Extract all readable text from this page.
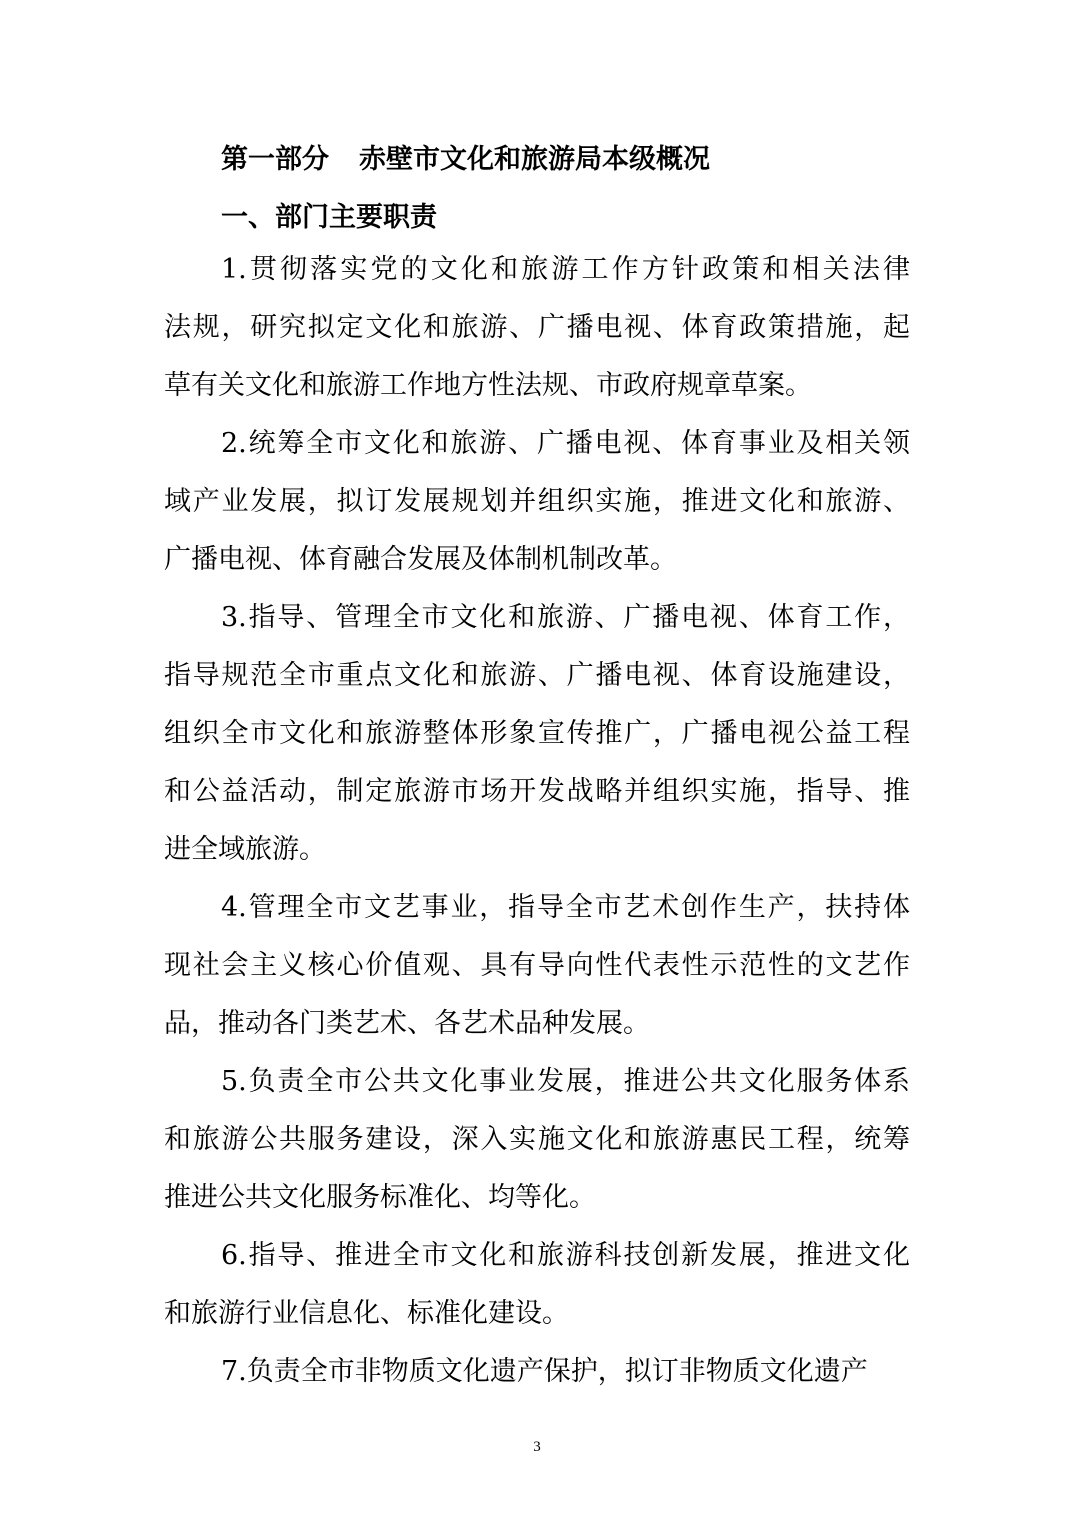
第一部分 赤壁市文化和旅游局本级概况
一、部门主要职责

1.贯彻落实党的文化和旅游工作方针政策和相关法律

法规，研究拟定文化和旅游、广播电视、体育政策措施，起

草有关文化和旅游工作地方性法规、市政府规章草案。

2.统筹全市文化和旅游、广播电视、体育事业及相关领

域产业发展，拟订发展规划并组织实施，推进文化和旅游、

广播电视、体育融合发展及体制机制改革。

3.指导、管理全市文化和旅游、广播电视、体育工作，

指导规范全市重点文化和旅游、广播电视、体育设施建设，

组织全市文化和旅游整体形象宣传推广，广播电视公益工程

和公益活动，制定旅游市场开发战略并组织实施，指导、推

进全域旅游。

4.管理全市文艺事业，指导全市艺术创作生产，扶持体

现社会主义核心价值观、具有导向性代表性示范性的文艺作

品，推动各门类艺术、各艺术品种发展。

5.负责全市公共文化事业发展，推进公共文化服务体系

和旅游公共服务建设，深入实施文化和旅游惠民工程，统筹

推进公共文化服务标准化、均等化。

6.指导、推进全市文化和旅游科技创新发展，推进文化

和旅游行业信息化、标准化建设。

7.负责全市非物质文化遗产保护，拟订非物质文化遗产

3
